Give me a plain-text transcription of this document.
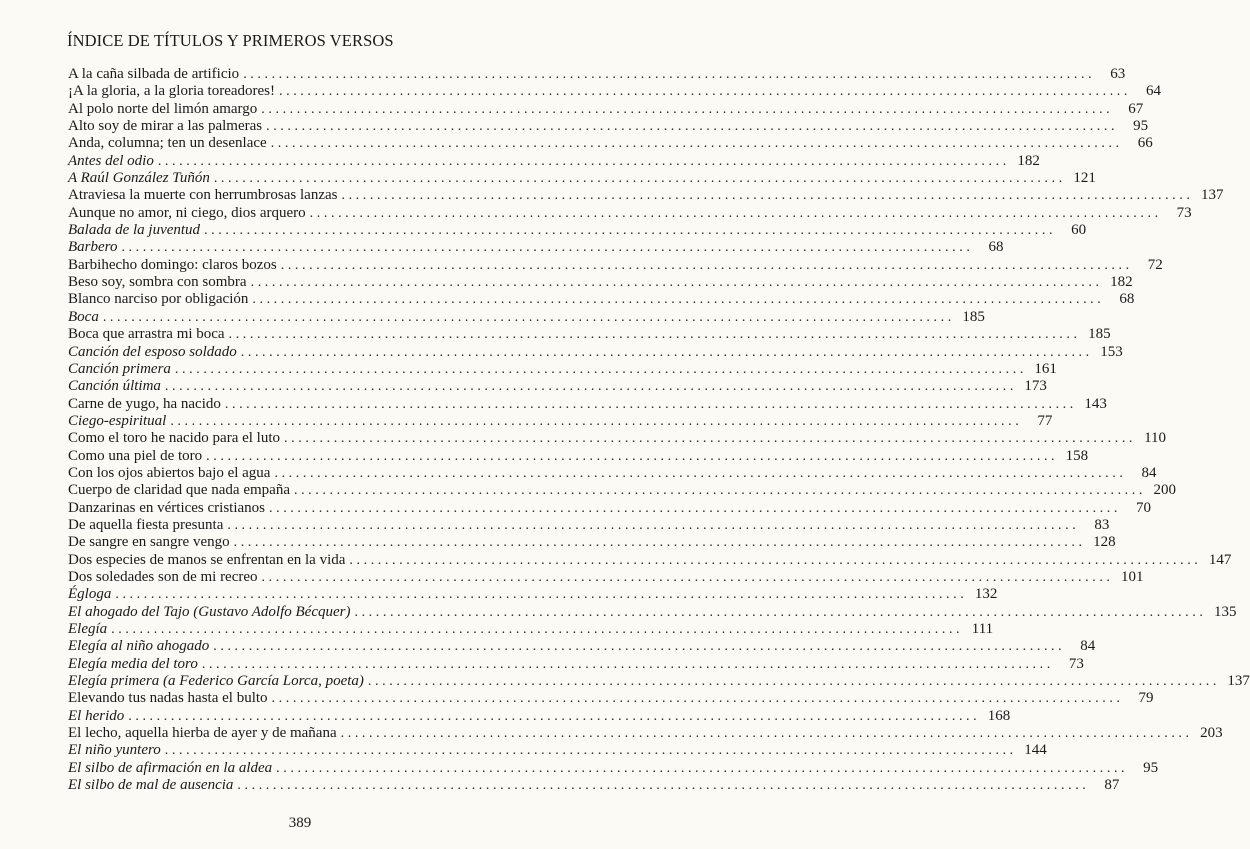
ÍNDICE DE TÍTULOS Y PRIMEROS VERSOS
A la caña silbada de artificio ........................................................................................................................	63
¡A la gloria, a la gloria toreadores! ........................................................................................................................	64
Al polo norte del limón amargo ........................................................................................................................	67
Alto soy de mirar a las palmeras ........................................................................................................................	95
Anda, columna; ten un desenlace ........................................................................................................................	66
Antes del odio ........................................................................................................................ 182
A Raúl González Tuñón ........................................................................................................................ 121
Atraviesa la muerte con herrumbrosas lanzas ........................................................................................................................ 137
Aunque no amor, ni ciego, dios arquero ........................................................................................................................	73
Balada de la juventud ........................................................................................................................	60
Barbero ........................................................................................................................	68
Barbihecho domingo: claros bozos ........................................................................................................................	72
Beso soy, sombra con sombra ........................................................................................................................ 182
Blanco narciso por obligación ........................................................................................................................	68
Boca ........................................................................................................................ 185
Boca que arrastra mi boca ........................................................................................................................ 185
Canción del esposo soldado ........................................................................................................................ 153
Canción primera ........................................................................................................................ 161
Canción última ........................................................................................................................ 173
Carne de yugo, ha nacido ........................................................................................................................ 143
Ciego-espiritual ........................................................................................................................	77
Como el toro he nacido para el luto ........................................................................................................................ 110
Como una piel de toro ........................................................................................................................ 158
Con los ojos abiertos bajo el agua ........................................................................................................................	84
Cuerpo de claridad que nada empaña ........................................................................................................................ 200
Danzarinas en vértices cristianos ........................................................................................................................	70
De aquella fiesta presunta ........................................................................................................................	83
De sangre en sangre vengo ........................................................................................................................ 128
Dos especies de manos se enfrentan en la vida ........................................................................................................................ 147
Dos soledades son de mi recreo ........................................................................................................................ 101
Égloga ........................................................................................................................ 132
El ahogado del Tajo (Gustavo Adolfo Bécquer) ........................................................................................................................ 135
Elegía ........................................................................................................................ 111
Elegía al niño ahogado ........................................................................................................................	84
Elegía media del toro ........................................................................................................................	73
Elegía primera (a Federico García Lorca, poeta) ........................................................................................................................ 137
Elevando tus nadas hasta el bulto ........................................................................................................................	79
El herido ........................................................................................................................ 168
El lecho, aquella hierba de ayer y de mañana ........................................................................................................................ 203
El niño yuntero ........................................................................................................................ 144
El silbo de afirmación en la aldea ........................................................................................................................	95
El silbo de mal de ausencia ........................................................................................................................	87
389
